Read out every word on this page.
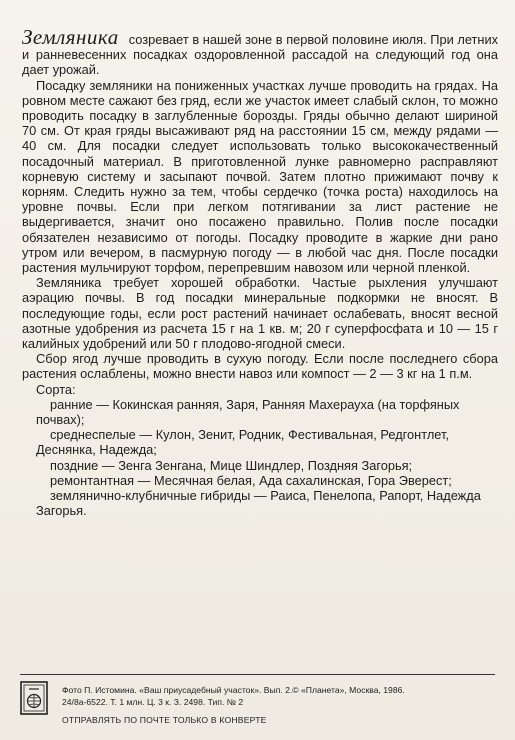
Земляника созревает в нашей зоне в первой половине июля. При летних и ранневесенних посадках оздоровленной рассадой на следующий год она дает урожай.

Посадку земляники на пониженных участках лучше проводить на грядах. На ровном месте сажают без гряд, если же участок имеет слабый склон, то можно проводить посадку в заглубленные борозды. Гряды обычно делают шириной 70 см. От края гряды высаживают ряд на расстоянии 15 см, между рядами — 40 см. Для посадки следует использовать только высококачественный посадочный материал. В приготовленной лунке равномерно расправляют корневую систему и засыпают почвой. Затем плотно прижимают почву к корням. Следить нужно за тем, чтобы сердечко (точка роста) находилось на уровне почвы. Если при легком потягивании за лист растение не выдергивается, значит оно посажено правильно. Полив после посадки обязателен независимо от погоды. Посадку проводите в жаркие дни рано утром или вечером, в пасмурную погоду — в любой час дня. После посадки растения мульчируют торфом, перепревшим навозом или черной пленкой.

Земляника требует хорошей обработки. Частые рыхления улучшают аэрацию почвы. В год посадки минеральные подкормки не вносят. В последующие годы, если рост растений начинает ослабевать, вносят весной азотные удобрения из расчета 15 г на 1 кв. м; 20 г суперфосфата и 10 — 15 г калийных удобрений или 50 г плодово-ягодной смеси.

Сбор ягод лучше проводить в сухую погоду. Если после последнего сбора растения ослаблены, можно внести навоз или компост — 2 — 3 кг на 1 п.м.

Сорта:

ранние — Кокинская ранняя, Заря, Ранняя Махерауха (на торфяных почвах);

среднеспелые — Кулон, Зенит, Родник, Фестивальная, Редгонтлет, Деснянка, Надежда;

поздние — Зенга Зенгана, Мице Шиндлер, Поздняя Загорья;

ремонтантная — Месячная белая, Ада сахалинская, Гора Эверест;

земляничнo-клубничные гибриды — Раиса, Пенелопа, Рапорт, Надежда Загорья.

Фото П. Истомина. «Ваш приусадебный участок». Вып. 2.© «Планета», Москва, 1986.
24/8а-6522. Т. 1 млн. Ц. 3 к. З. 2498. Тип. № 2
ОТПРАВЛЯТЬ ПО ПОЧТЕ ТОЛЬКО В КОНВЕРТЕ
